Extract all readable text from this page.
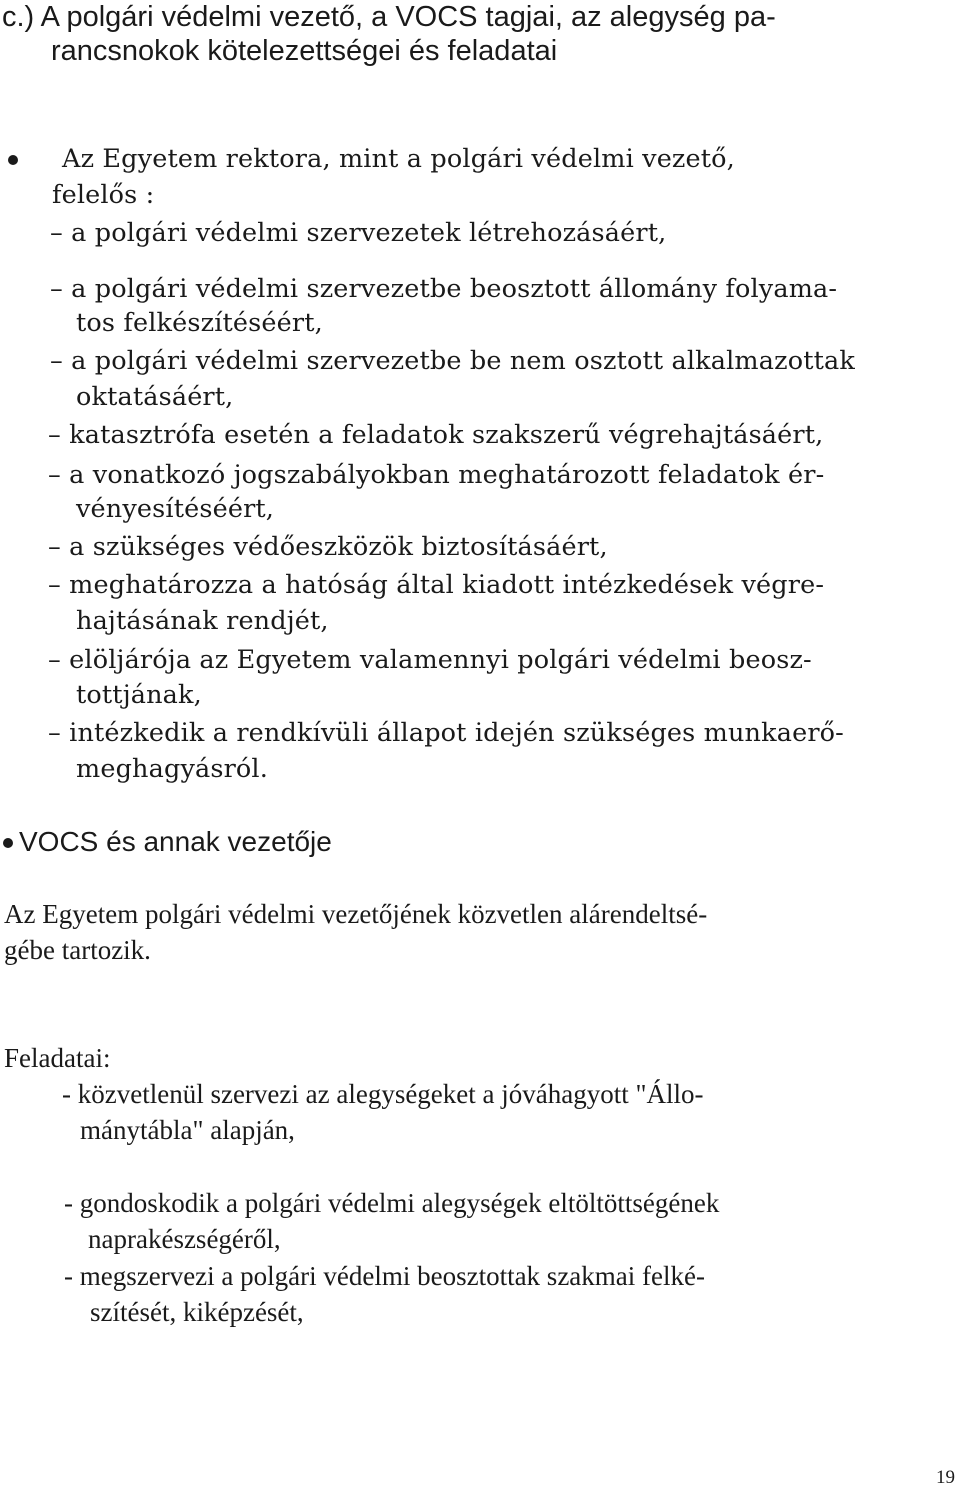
c.) A polgári védelmi vezető, a VOCS tagjai, az alegység pa-
rancsnokok kötelezettségei és feladatai
Az Egyetem rektora, mint a polgári védelmi vezető,
felelős :
– a polgári védelmi szervezetek létrehozásáért,
– a polgári védelmi szervezetbe beosztott állomány folyama-
tos felkészítéséért,
– a polgári védelmi szervezetbe be nem osztott alkalmazottak
oktatásáért,
– katasztrófa esetén a feladatok szakszerű végrehajtásáért,
– a vonatkozó jogszabályokban meghatározott feladatok ér-
vényesítéséért,
– a szükséges védőeszközök biztosításáért,
– meghatározza a hatóság által kiadott intézkedések végre-
hajtásának rendjét,
– elöljárója az Egyetem valamennyi polgári védelmi beosz-
tottjának,
– intézkedik a rendkívüli állapot idején szükséges munkaerő-
meghagyásról.
VOCS és annak vezetője
Az Egyetem polgári védelmi vezetőjének közvetlen alárendeltsé-
gébe tartozik.
Feladatai:
- közvetlenül szervezi az alegységeket a jóváhagyott "Állo-
mánytábla" alapján,
- gondoskodik a polgári védelmi alegységek eltöltöttségének
naprakészségéről,
- megszervezi a polgári védelmi beosztottak szakmai felké-
szítését, kiképzését,
19
